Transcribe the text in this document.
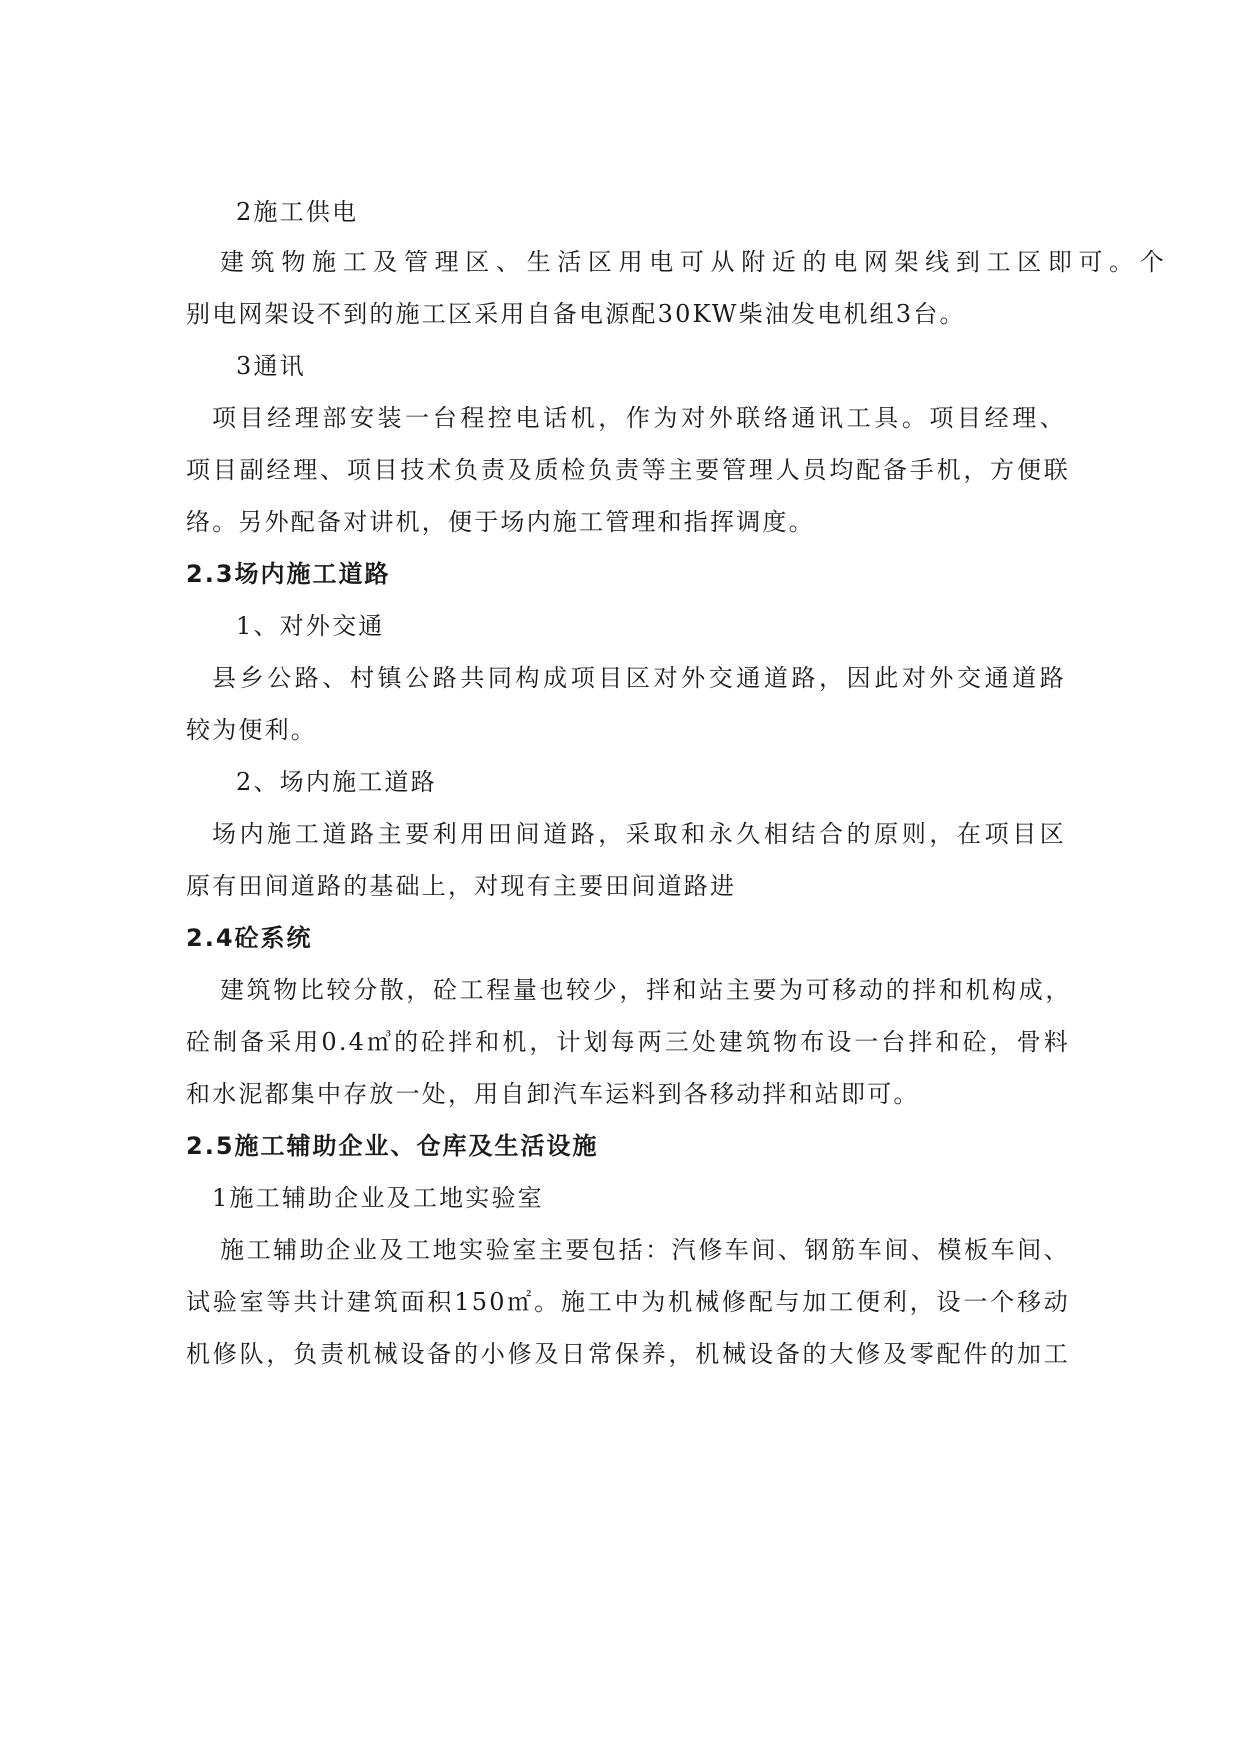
2施工供电
建筑物施工及管理区、生活区用电可从附近的电网架线到工区即可。个
别电网架设不到的施工区采用自备电源配30KW柴油发电机组3台。
3通讯
项目经理部安装一台程控电话机，作为对外联络通讯工具。项目经理、
项目副经理、项目技术负责及质检负责等主要管理人员均配备手机，方便联
络。另外配备对讲机，便于场内施工管理和指挥调度。
2.3场内施工道路
1、对外交通
县乡公路、村镇公路共同构成项目区对外交通道路，因此对外交通道路
较为便利。
2、场内施工道路
场内施工道路主要利用田间道路，采取和永久相结合的原则，在项目区
原有田间道路的基础上，对现有主要田间道路进
2.4砼系统
建筑物比较分散，砼工程量也较少，拌和站主要为可移动的拌和机构成，
砼制备采用0.4㎥的砼拌和机，计划每两三处建筑物布设一台拌和砼，骨料
和水泥都集中存放一处，用自卸汽车运料到各移动拌和站即可。
2.5施工辅助企业、仓库及生活设施
1施工辅助企业及工地实验室
施工辅助企业及工地实验室主要包括：汽修车间、钢筋车间、模板车间、
试验室等共计建筑面积150㎡。施工中为机械修配与加工便利，设一个移动
机修队，负责机械设备的小修及日常保养，机械设备的大修及零配件的加工
